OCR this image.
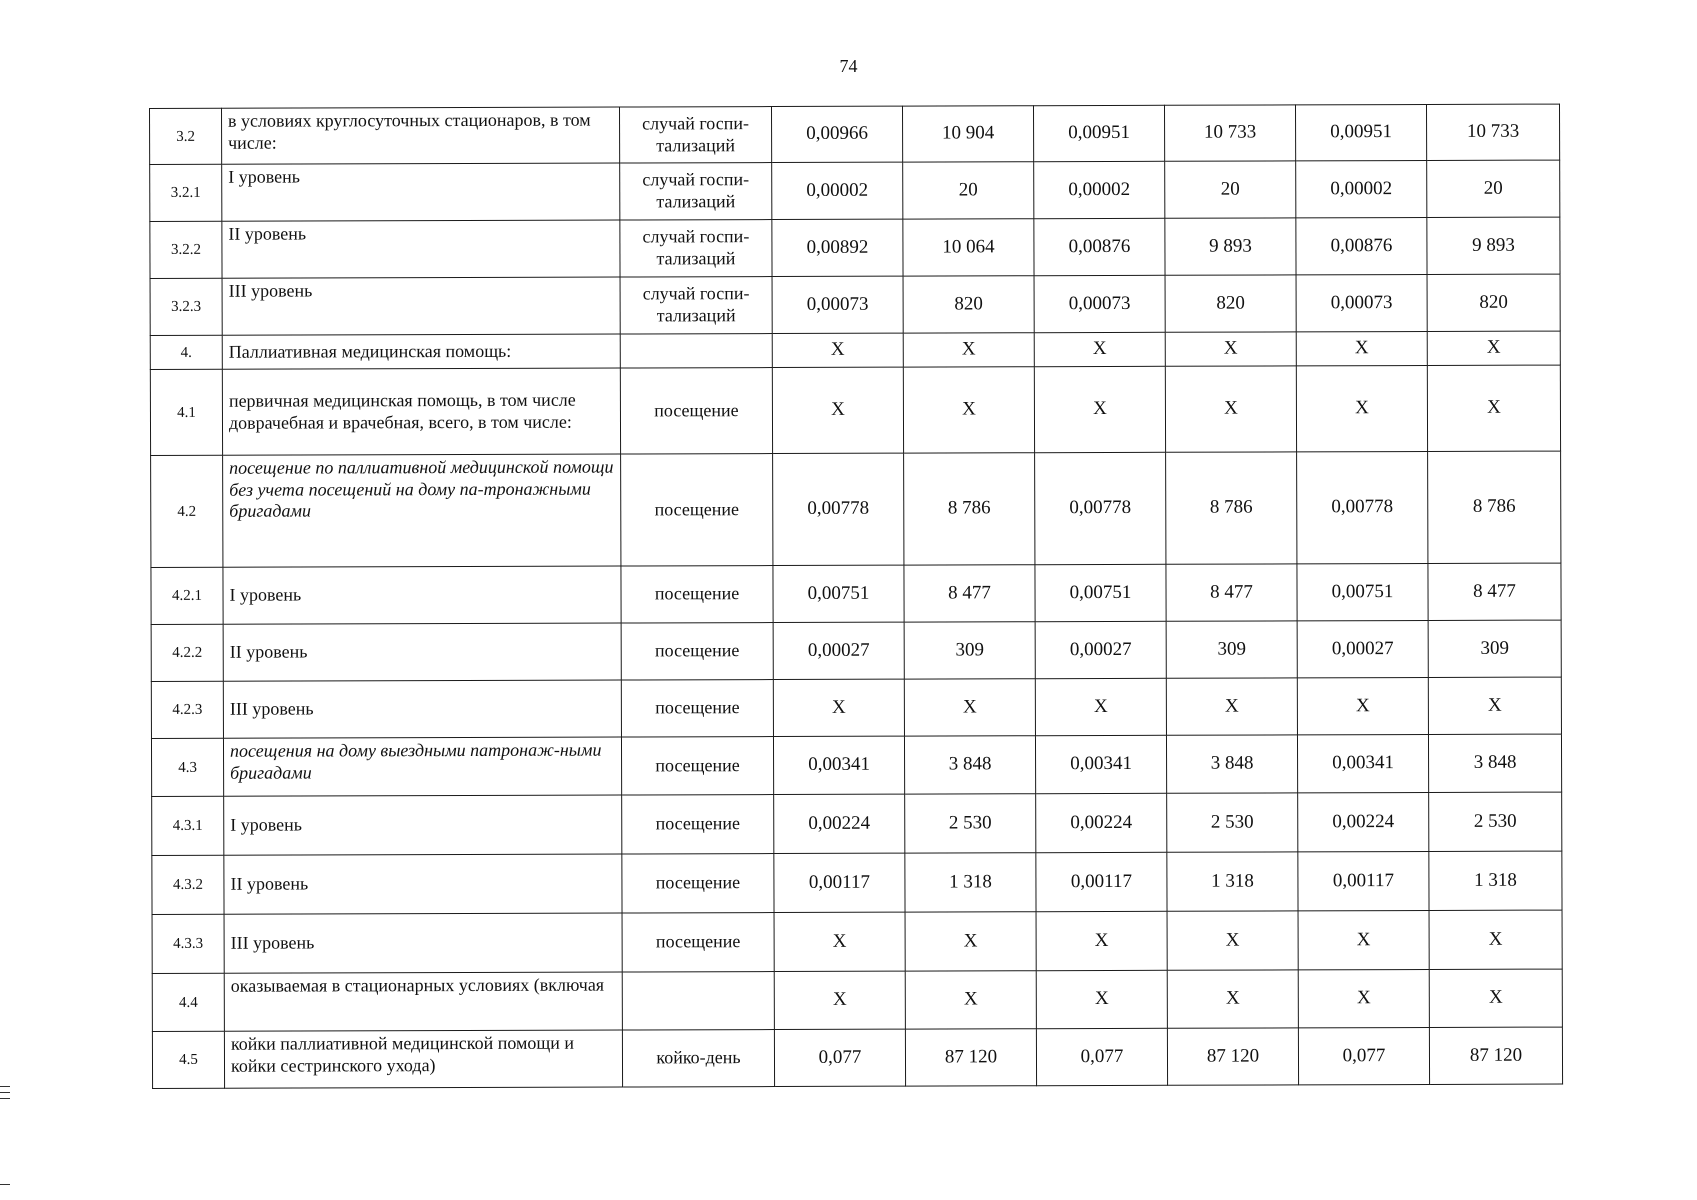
74
3.2	в условиях круглосуточных стационаров, в том числе:	случай госпи-тализаций	0,00966	10 904	0,00951	10 733	0,00951	10 733
3.2.1	I уровень	случай госпи-тализаций	0,00002	20	0,00002	20	0,00002	20
3.2.2	II уровень	случай госпи-тализаций	0,00892	10 064	0,00876	9 893	0,00876	9 893
3.2.3	III уровень	случай госпи-тализаций	0,00073	820	0,00073	820	0,00073	820
4.	Паллиативная медицинская помощь:		Х	Х	Х	Х	Х	Х
4.1	первичная медицинская помощь, в том числе доврачебная и врачебная, всего, в том числе:	посещение	Х	Х	Х	Х	Х	Х
4.2	посещение по паллиативной медицинской помощи без учета посещений на дому па-тронажными бригадами	посещение	0,00778	8 786	0,00778	8 786	0,00778	8 786
4.2.1	I уровень	посещение	0,00751	8 477	0,00751	8 477	0,00751	8 477
4.2.2	II уровень	посещение	0,00027	309	0,00027	309	0,00027	309
4.2.3	III уровень	посещение	Х	Х	Х	Х	Х	Х
4.3	посещения на дому выездными патронаж-ными бригадами	посещение	0,00341	3 848	0,00341	3 848	0,00341	3 848
4.3.1	I уровень	посещение	0,00224	2 530	0,00224	2 530	0,00224	2 530
4.3.2	II уровень	посещение	0,00117	1 318	0,00117	1 318	0,00117	1 318
4.3.3	III уровень	посещение	Х	Х	Х	Х	Х	Х
4.4	оказываемая в стационарных условиях (включая		Х	Х	Х	Х	Х	Х
4.5	койки паллиативной медицинской помощи и койки сестринского ухода)	койко-день	0,077	87 120	0,077	87 120	0,077	87 120
